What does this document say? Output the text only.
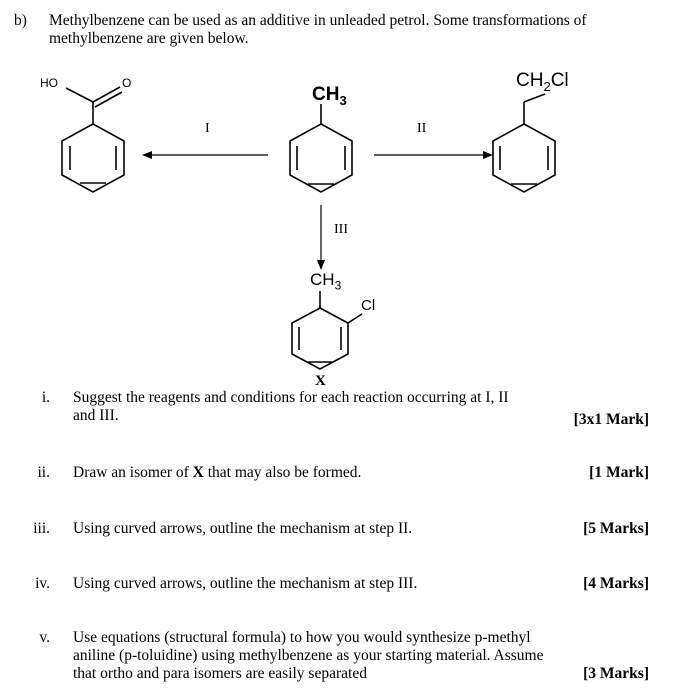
b) Methylbenzene can be used as an additive in unleaded petrol. Some transformations of methylbenzene are given below.
HO	O
$CH_3$
$CH_2Cl$
I	II
III
$CH_3$
Cl
X
i. Suggest the reagents and conditions for each reaction occurring at I, II and III.	[3x1 Mark]
ii. Draw an isomer of X that may also be formed.	[1 Mark]
iii. Using curved arrows, outline the mechanism at step II.	[5 Marks]
iv. Using curved arrows, outline the mechanism at step III.	[4 Marks]
v. Use equations (structural formula) to how you would synthesize p-methyl aniline (p-toluidine) using methylbenzene as your starting material. Assume that ortho and para isomers are easily separated	[3 Marks]
